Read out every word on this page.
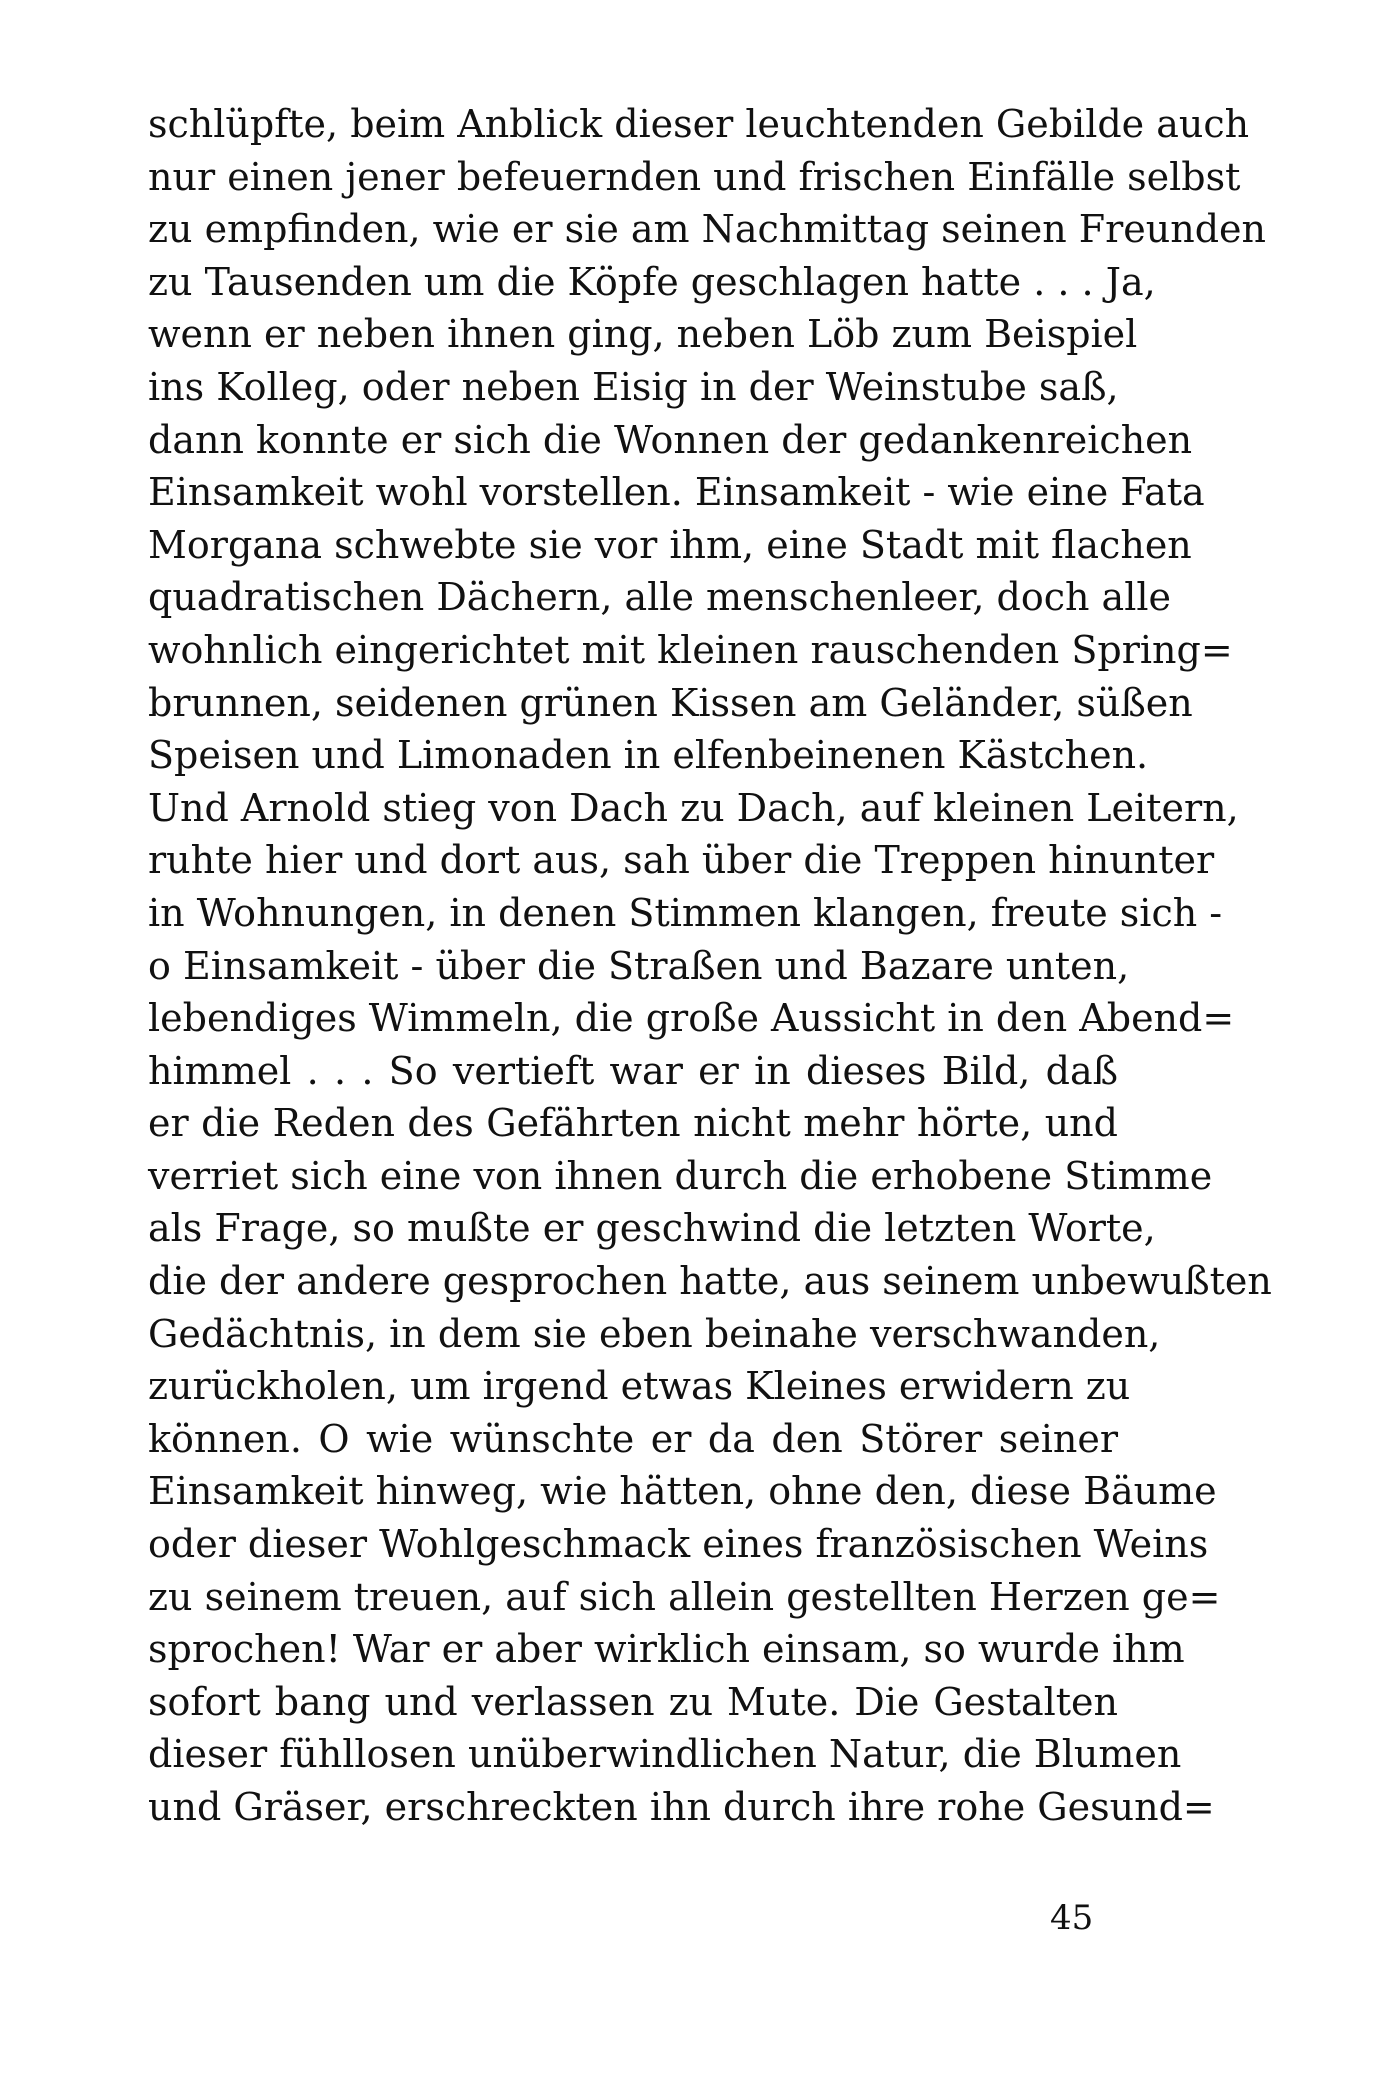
schlüpfte, beim Anblick dieser leuchtenden Gebilde auch
nur einen jener befeuernden und frischen Einfälle selbst
zu empfinden, wie er sie am Nachmittag seinen Freunden
zu Tausenden um die Köpfe geschlagen hatte . . . Ja,
wenn er neben ihnen ging, neben Löb zum Beispiel
ins Kolleg, oder neben Eisig in der Weinstube saß,
dann konnte er sich die Wonnen der gedankenreichen
Einsamkeit wohl vorstellen. Einsamkeit - wie eine Fata
Morgana schwebte sie vor ihm, eine Stadt mit flachen
quadratischen Dächern, alle menschenleer, doch alle
wohnlich eingerichtet mit kleinen rauschenden Spring=
brunnen, seidenen grünen Kissen am Geländer, süßen
Speisen und Limonaden in elfenbeinenen Kästchen.
Und Arnold stieg von Dach zu Dach, auf kleinen Leitern,
ruhte hier und dort aus, sah über die Treppen hinunter
in Wohnungen, in denen Stimmen klangen, freute sich -
o Einsamkeit - über die Straßen und Bazare unten,
lebendiges Wimmeln, die große Aussicht in den Abend=
himmel . . . So vertieft war er in dieses Bild, daß
er die Reden des Gefährten nicht mehr hörte, und
verriet sich eine von ihnen durch die erhobene Stimme
als Frage, so mußte er geschwind die letzten Worte,
die der andere gesprochen hatte, aus seinem unbewußten
Gedächtnis, in dem sie eben beinahe verschwanden,
zurückholen, um irgend etwas Kleines erwidern zu
können. O wie wünschte er da den Störer seiner
Einsamkeit hinweg, wie hätten, ohne den, diese Bäume
oder dieser Wohlgeschmack eines französischen Weins
zu seinem treuen, auf sich allein gestellten Herzen ge=
sprochen! War er aber wirklich einsam, so wurde ihm
sofort bang und verlassen zu Mute. Die Gestalten
dieser fühllosen unüberwindlichen Natur, die Blumen
und Gräser, erschreckten ihn durch ihre rohe Gesund=
45
